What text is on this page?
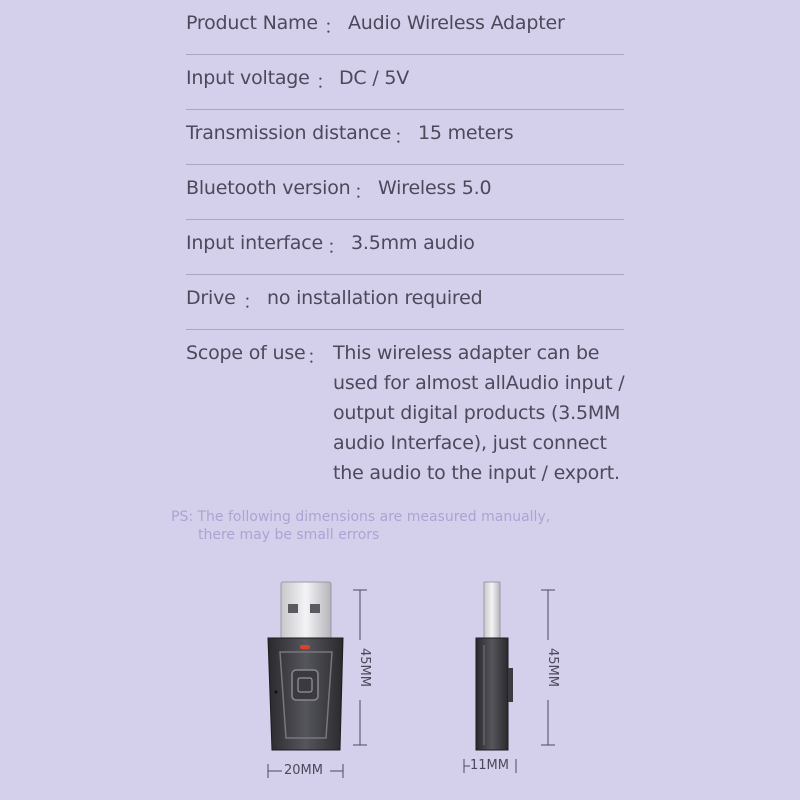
Product Name ： Audio Wireless Adapter
Input voltage ： DC / 5V
Transmission distance ： 15 meters
Bluetooth version ： Wireless 5.0
Input interface ： 3.5mm audio
Drive ： no installation required
Scope of use ： This wireless adapter can be used for almost allAudio input / output digital products (3.5MM audio Interface), just connect the audio to the input / export.
PS: The following dimensions are measured manually,
there may be small errors
45MM
20MM
45MM
11MM
